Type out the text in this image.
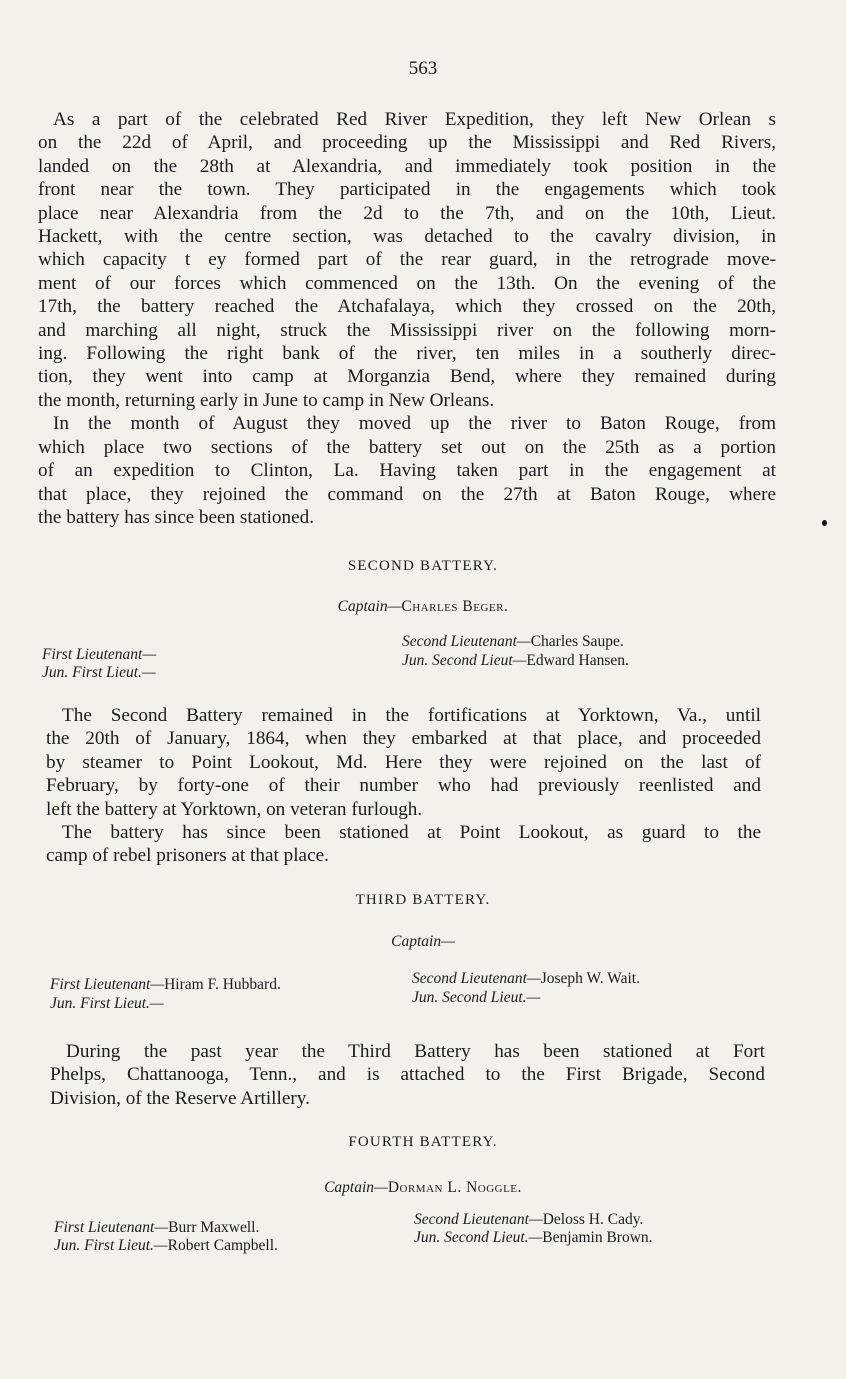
563
As a part of the celebrated Red River Expedition, they left New Orlean s
on the 22d of April, and proceeding up the Mississippi and Red Rivers,
landed on the 28th at Alexandria, and immediately took position in the
front near the town. They participated in the engagements which took
place near Alexandria from the 2d to the 7th, and on the 10th, Lieut.
Hackett, with the centre section, was detached to the cavalry division, in
which capacity t ey formed part of the rear guard, in the retrograde move-
ment of our forces which commenced on the 13th. On the evening of the
17th, the battery reached the Atchafalaya, which they crossed on the 20th,
and marching all night, struck the Mississippi river on the following morn-
ing. Following the right bank of the river, ten miles in a southerly direc-
tion, they went into camp at Morganzia Bend, where they remained during
the month, returning early in June to camp in New Orleans.
In the month of August they moved up the river to Baton Rouge, from
which place two sections of the battery set out on the 25th as a portion
of an expedition to Clinton, La. Having taken part in the engagement at
that place, they rejoined the command on the 27th at Baton Rouge, where
the battery has since been stationed.
SECOND BATTERY.
Captain—Charles Beger.
First Lieutenant—
Jun. First Lieut.—
Second Lieutenant—Charles Saupe.
Jun. Second Lieut—Edward Hansen.
The Second Battery remained in the fortifications at Yorktown, Va., until
the 20th of January, 1864, when they embarked at that place, and proceeded
by steamer to Point Lookout, Md. Here they were rejoined on the last of
February, by forty-one of their number who had previously reenlisted and
left the battery at Yorktown, on veteran furlough.
The battery has since been stationed at Point Lookout, as guard to the
camp of rebel prisoners at that place.
THIRD BATTERY.
Captain—
First Lieutenant—Hiram F. Hubbard.
Jun. First Lieut.—
Second Lieutenant—Joseph W. Wait.
Jun. Second Lieut.—
During the past year the Third Battery has been stationed at Fort
Phelps, Chattanooga, Tenn., and is attached to the First Brigade, Second
Division, of the Reserve Artillery.
FOURTH BATTERY.
Captain—Dorman L. Noggle.
First Lieutenant—Burr Maxwell.
Jun. First Lieut.—Robert Campbell.
Second Lieutenant—Deloss H. Cady.
Jun. Second Lieut.—Benjamin Brown.
